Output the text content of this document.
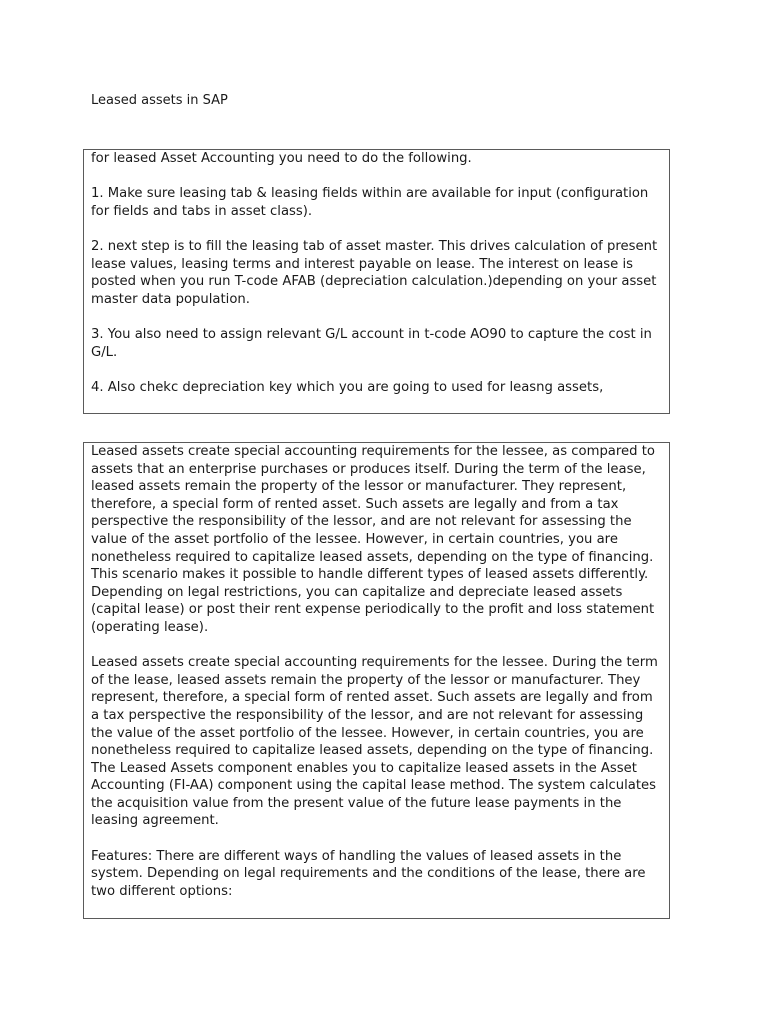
Leased assets in SAP

for leased Asset Accounting you need to do the following.

1. Make sure leasing tab & leasing fields within are available for input (configuration for fields and tabs in asset class).

2. next step is to fill the leasing tab of asset master. This drives calculation of present lease values, leasing terms and interest payable on lease. The interest on lease is posted when you run T-code AFAB (depreciation calculation.)depending on your asset master data population.

3. You also need to assign relevant G/L account in t-code AO90 to capture the cost in G/L.

4. Also chekc depreciation key which you are going to used for leasng assets,

Leased assets create special accounting requirements for the lessee, as compared to assets that an enterprise purchases or produces itself. During the term of the lease, leased assets remain the property of the lessor or manufacturer. They represent, therefore, a special form of rented asset. Such assets are legally and from a tax perspective the responsibility of the lessor, and are not relevant for assessing the value of the asset portfolio of the lessee. However, in certain countries, you are nonetheless required to capitalize leased assets, depending on the type of financing. This scenario makes it possible to handle different types of leased assets differently. Depending on legal restrictions, you can capitalize and depreciate leased assets (capital lease) or post their rent expense periodically to the profit and loss statement (operating lease).

Leased assets create special accounting requirements for the lessee. During the term of the lease, leased assets remain the property of the lessor or manufacturer. They represent, therefore, a special form of rented asset. Such assets are legally and from a tax perspective the responsibility of the lessor, and are not relevant for assessing the value of the asset portfolio of the lessee. However, in certain countries, you are nonetheless required to capitalize leased assets, depending on the type of financing. The Leased Assets component enables you to capitalize leased assets in the Asset Accounting (FI-AA) component using the capital lease method. The system calculates the acquisition value from the present value of the future lease payments in the leasing agreement.

Features: There are different ways of handling the values of leased assets in the system. Depending on legal requirements and the conditions of the lease, there are two different options:
